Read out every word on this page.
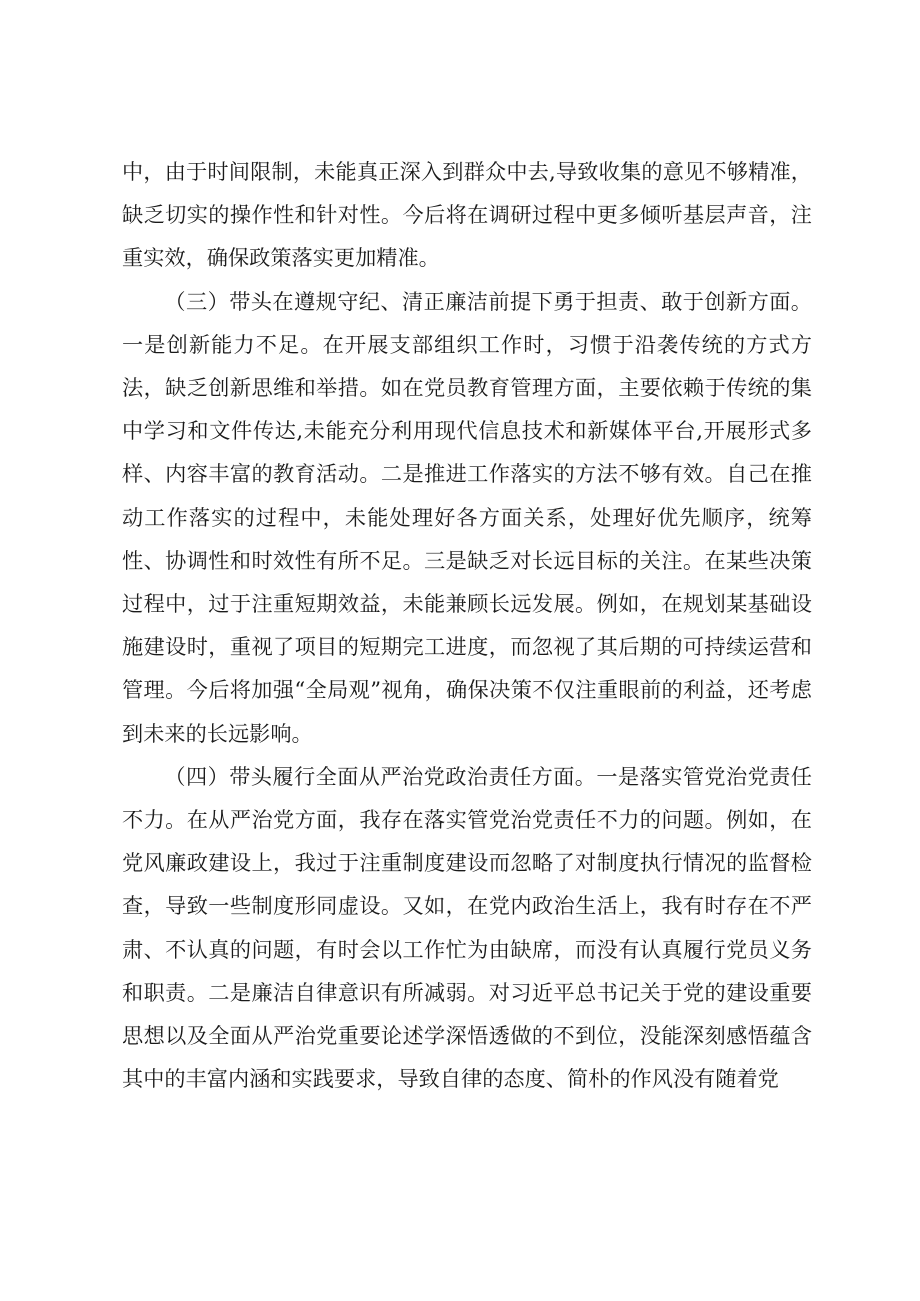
中，由于时间限制，未能真正深入到群众中去,导致收集的意见不够精准，缺乏切实的操作性和针对性。今后将在调研过程中更多倾听基层声音，注重实效，确保政策落实更加精准。

（三）带头在遵规守纪、清正廉洁前提下勇于担责、敢于创新方面。一是创新能力不足。在开展支部组织工作时，习惯于沿袭传统的方式方法，缺乏创新思维和举措。如在党员教育管理方面，主要依赖于传统的集中学习和文件传达,未能充分利用现代信息技术和新媒体平台,开展形式多样、内容丰富的教育活动。二是推进工作落实的方法不够有效。自己在推动工作落实的过程中，未能处理好各方面关系，处理好优先顺序，统筹性、协调性和时效性有所不足。三是缺乏对长远目标的关注。在某些决策过程中，过于注重短期效益，未能兼顾长远发展。例如，在规划某基础设施建设时，重视了项目的短期完工进度，而忽视了其后期的可持续运营和管理。今后将加强“全局观”视角，确保决策不仅注重眼前的利益，还考虑到未来的长远影响。

（四）带头履行全面从严治党政治责任方面。一是落实管党治党责任不力。在从严治党方面，我存在落实管党治党责任不力的问题。例如，在党风廉政建设上，我过于注重制度建设而忽略了对制度执行情况的监督检查，导致一些制度形同虚设。又如，在党内政治生活上，我有时存在不严肃、不认真的问题，有时会以工作忙为由缺席，而没有认真履行党员义务和职责。二是廉洁自律意识有所减弱。对习近平总书记关于党的建设重要思想以及全面从严治党重要论述学深悟透做的不到位，没能深刻感悟蕴含其中的丰富内涵和实践要求，导致自律的态度、简朴的作风没有随着党
